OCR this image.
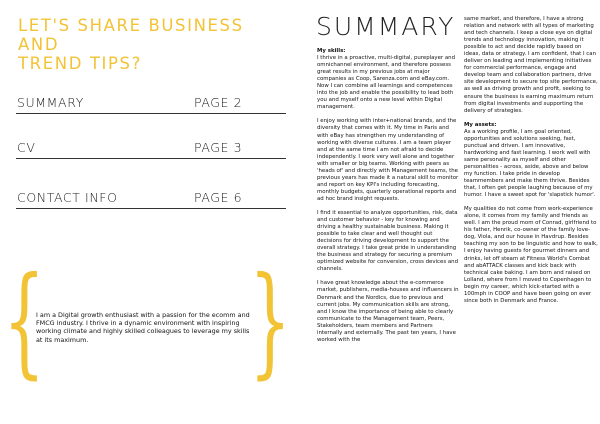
LET'S SHARE BUSINESS AND
TREND TIPS?
SUMMARY	PAGE 2
CV	PAGE 3
CONTACT INFO	PAGE 6
{
I am a Digital growth enthusiast with a passion for the ecomm and FMCG industry. I thrive in a dynamic environment with inspiring working climate and highly skilled colleagues to leverage my skills at its maximum.	}
SUMMARY

My skills:
I thrive in a proactive, multi-digital, pureplayer and omnichannel environment, and therefore possess great results in my previous jobs at major companies as Coop, Sarenza.com and eBay.com. Now I can combine all learnings and competences into the job and enable the possibility to lead both you and myself onto a new level within Digital management.

I enjoy working with inter+national brands, and the diversity that comes with it. My time in Paris and with eBay has strengthen my understanding of working with diverse cultures. I am a team player and at the same time I am not afraid to decide independently. I work very well alone and together with smaller or big teams. Working with peers as 'heads of' and directly with Management teams, the previous years has made it a natural skill to monitor and report on key KPI's including forecasting, monthly budgets, quarterly operational reports and ad hoc brand insight requests.

I find it essential to analyze opportunities, risk, data and customer behavior - key for knowing and driving a healthy sustainable business. Making it possible to take clear and well thought out decisions for driving development to support the overall strategy. I take great pride in understanding the business and strategy for securing a premium optimized website for conversion, cross devices and channels.

I have great knowledge about the e-commerce market, publishers, media-houses and influencers in Denmark and the Nordics, due to previous and current jobs. My communication skills are strong, and I know the importance of being able to clearly communicate to the Management team, Peers, Stakeholders, team members and Partners internally and externally. The past ten years, I have worked with the

same market, and therefore, I have a strong relation and network with all types of marketing and tech channels. I keep a close eye on digital trends and technology innovation, making it possible to act and decide rapidly based on ideas, data or strategy. I am confident, that I can deliver on leading and implementing initiatives for commercial performance, engage and develop team and collaboration partners, drive site development to secure top site performance, as well as driving growth and profit, seeking to ensure the business is earning maximum return from digital investments and supporting the delivery of strategies.

My assets:
As a working profile, I am goal oriented, opportunities and solutions seeking, fast, punctual and driven. I am innovative, hardworking and fast learning. I work well with same personality as myself and other personalities - across, aside, above and below my function. I take pride in develop teammembers and make them thrive. Besides that, I often get people laughing because of my humor. I have a sweet spot for 'slapstick humor'.

My qualities do not come from work-experience alone, it comes from my family and friends as well. I am the proud mom of Conrad, girlfriend to his father, Henrik, co-owner of the family love-dog, Viola, and our house in Havdrup. Besides teaching my son to be linguistic and how to walk, I enjoy having guests for gourmet dinners and drinks, let off steam at Fitness World's Combat and abATTACK classes and kick back with technical cake baking. I am born and raised on Lolland, where from I moved to Copenhagen to begin my career, which kick-started with a 100mph in COOP and have been going on ever since both in Denmark and France.
